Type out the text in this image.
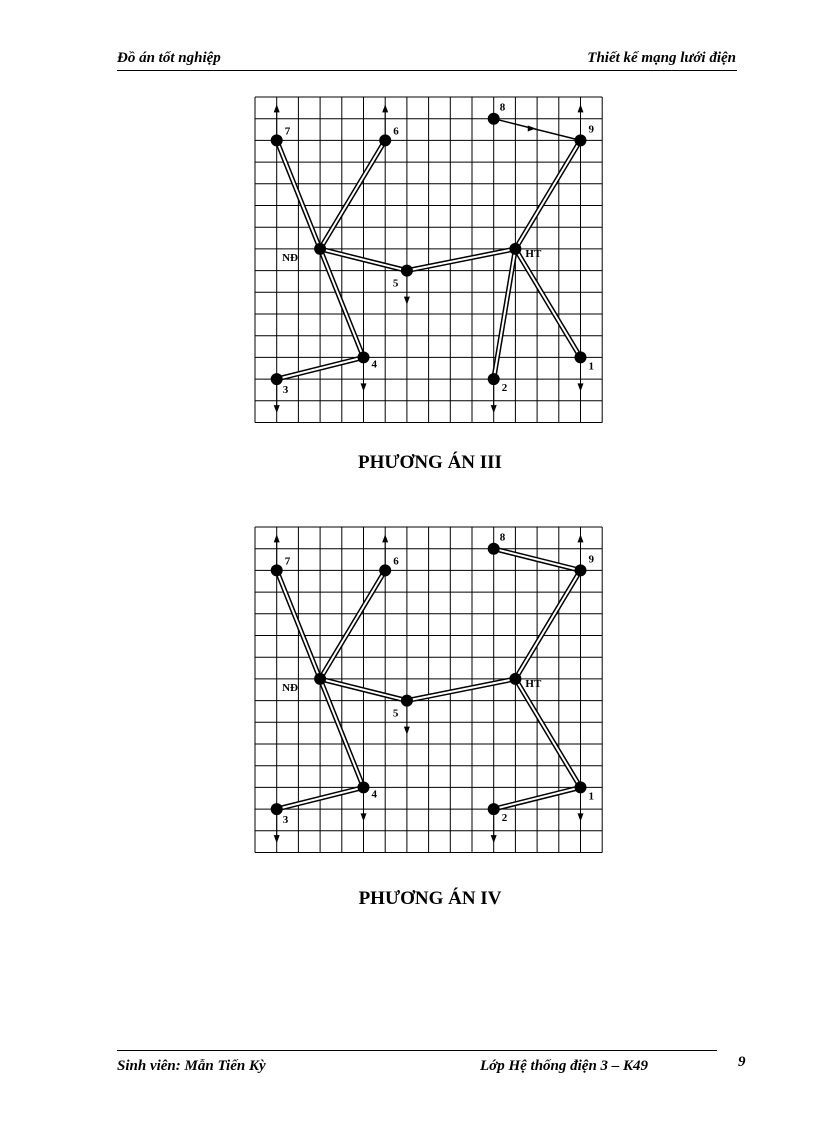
Đồ án tốt nghiệp	Thiết kế mạng lưới điện
7	6
8
9
NĐ
5
HT
4
3	2
1
PHƯƠNG ÁN III
7	6
8
9
NĐ
5
HT
4
3	2
1
PHƯƠNG ÁN IV
Sinh viên: Mẫn Tiến Kỳ	Lớp Hệ thống điện 3 – K49	9
